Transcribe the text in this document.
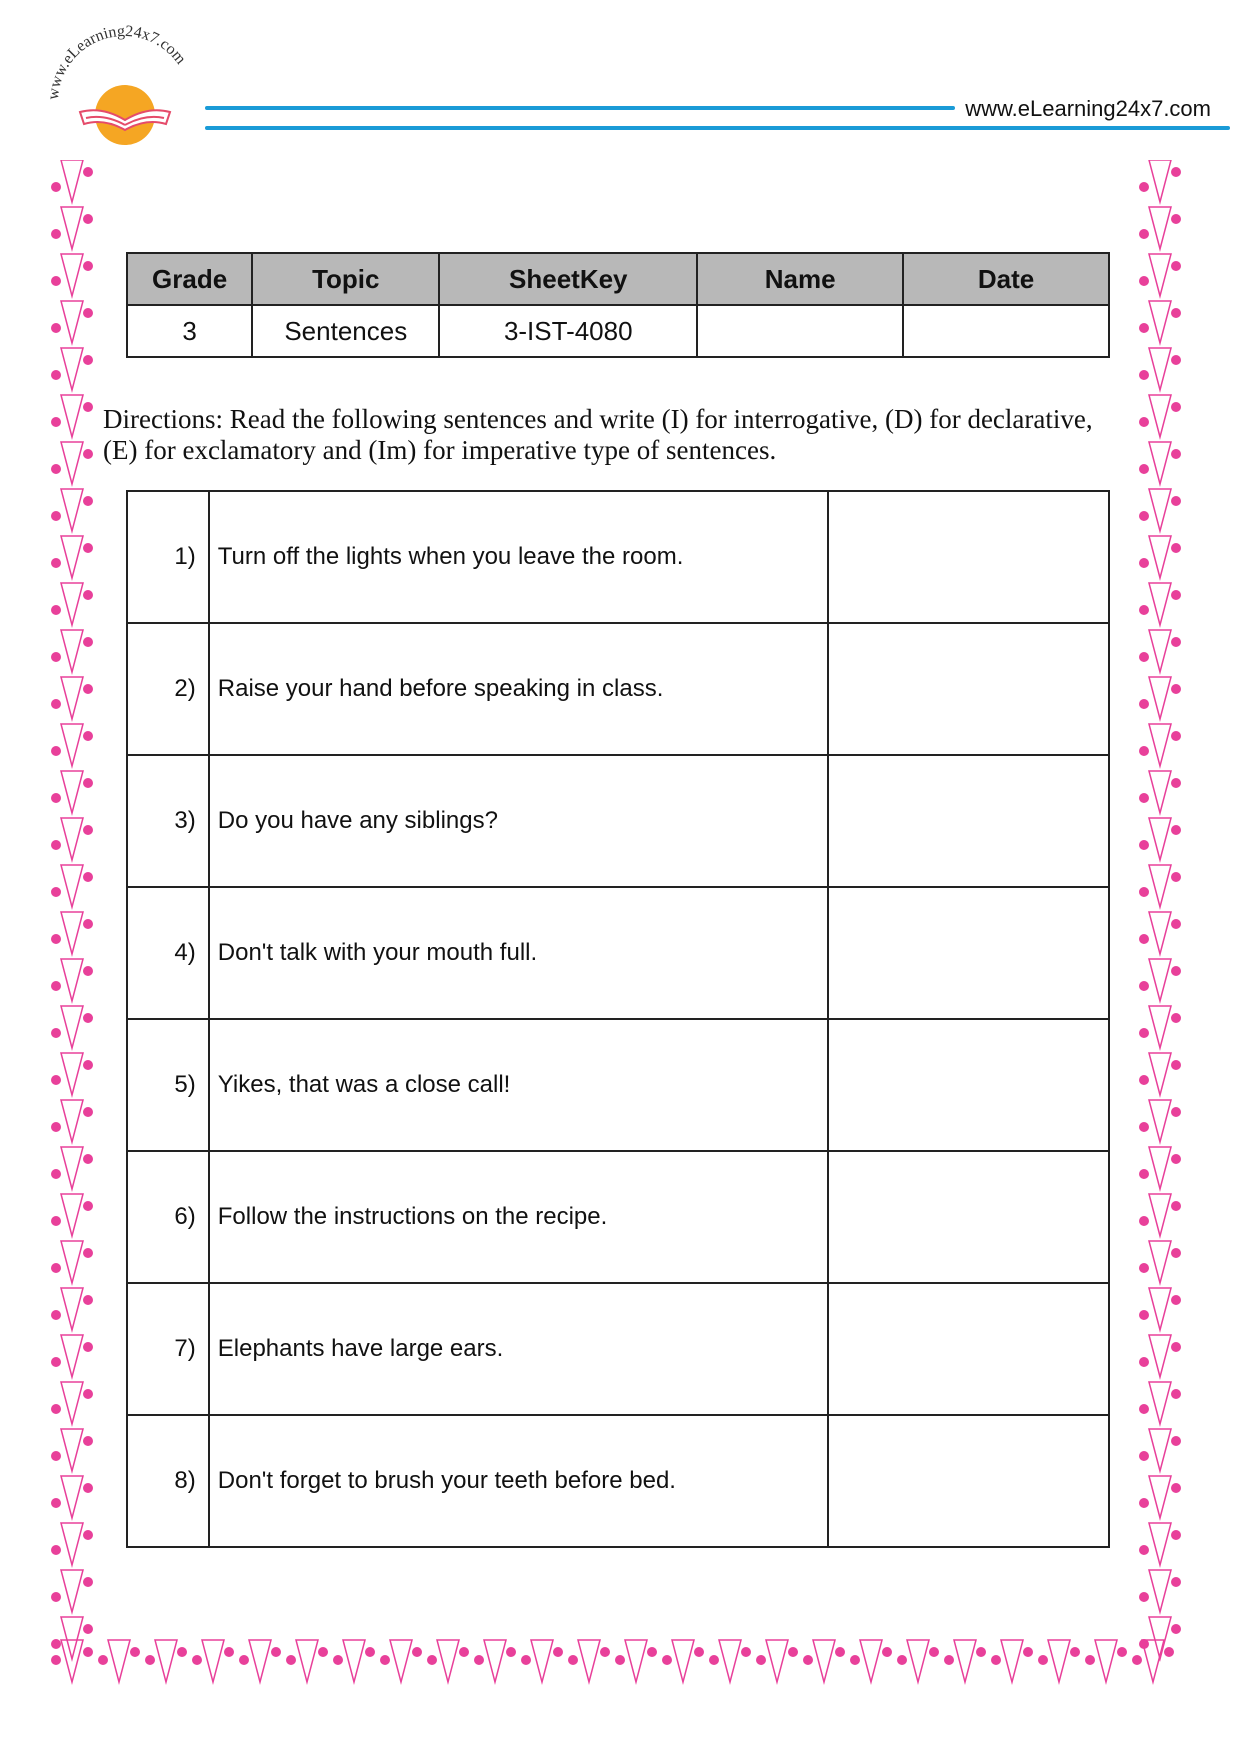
www.eLearning24x7.com
www.eLearning24x7.com
Grade	Topic	SheetKey	Name	Date
3	Sentences	3-IST-4080		
Directions: Read the following sentences and write (I) for interrogative, (D) for declarative, (E) for exclamatory and (Im) for imperative type of sentences.
1)	Turn off the lights when you leave the room.	
2)	Raise your hand before speaking in class.	
3)	Do you have any siblings?	
4)	Don't talk with your mouth full.	
5)	Yikes, that was a close call!	
6)	Follow the instructions on the recipe.	
7)	Elephants have large ears.	
8)	Don't forget to brush your teeth before bed.	
